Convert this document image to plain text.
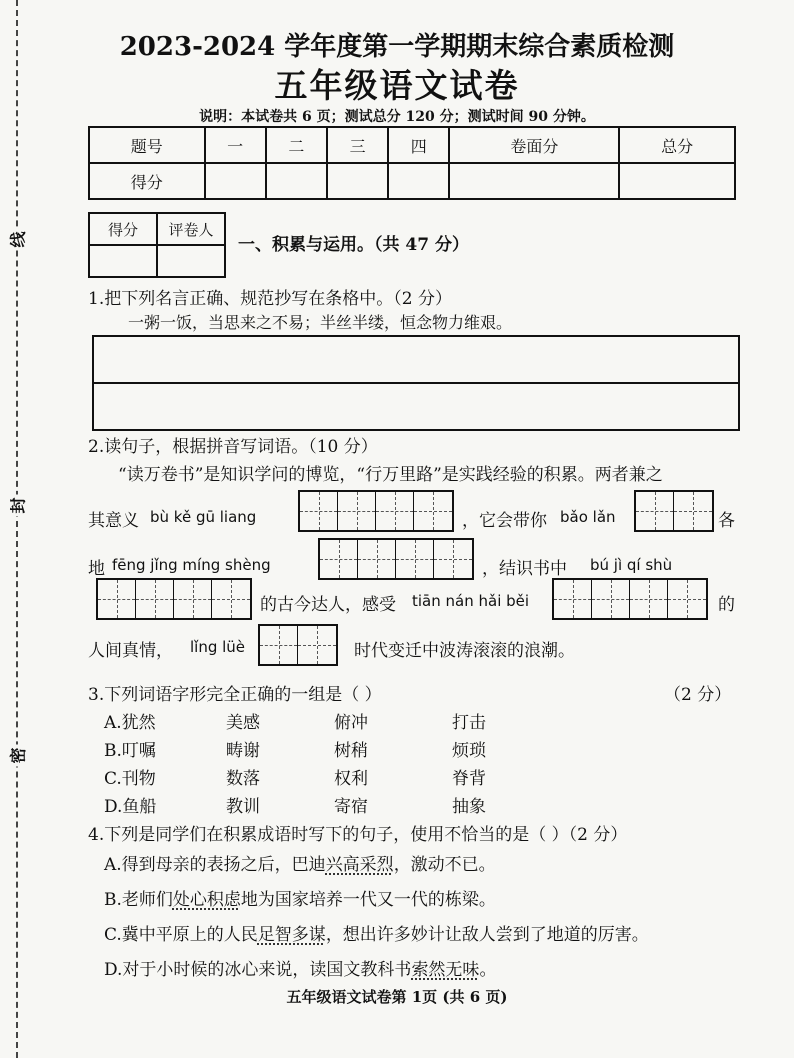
线
封
密
2023-2024 学年度第一学期期末综合素质检测
五年级语文试卷
说明：本试卷共 6 页；测试总分 120 分；测试时间 90 分钟。
题号	一	二	三	四	卷面分	总分
得分						
得分	评卷人

一、积累与运用。（共 47 分）
1.把下列名言正确、规范抄写在条格中。（2 分）
一粥一饭，当思来之不易；半丝半缕，恒念物力维艰。
2.读句子，根据拼音写词语。（10 分）
“读万卷书”是知识学问的博览，“行万里路”是实践经验的积累。两者兼之
其意义 bù kě gū liang	，它会带你 bǎo lǎn	各
地 fēng jǐng míng shèng	，结识书中 bú jì qí shù
的古今达人，感受 tiān nán hǎi běi	的
人间真情， lǐng lüè	时代变迁中波涛滚滚的浪潮。
3.下列词语字形完全正确的一组是（ ）	（2 分）
A.犹然	美感	俯冲	打击
B.叮嘱	畴谢	树稍	烦琐
C.刊物	数落	权利	脊背
D.鱼船	教训	寄宿	抽象
4.下列是同学们在积累成语时写下的句子，使用不恰当的是（ ）（2 分）
A.得到母亲的表扬之后，巴迪兴高采烈，激动不已。
B.老师们处心积虑地为国家培养一代又一代的栋梁。
C.冀中平原上的人民足智多谋，想出许多妙计让敌人尝到了地道的厉害。
D.对于小时候的冰心来说，读国文教科书索然无味。
五年级语文试卷第 1页 (共 6 页)
